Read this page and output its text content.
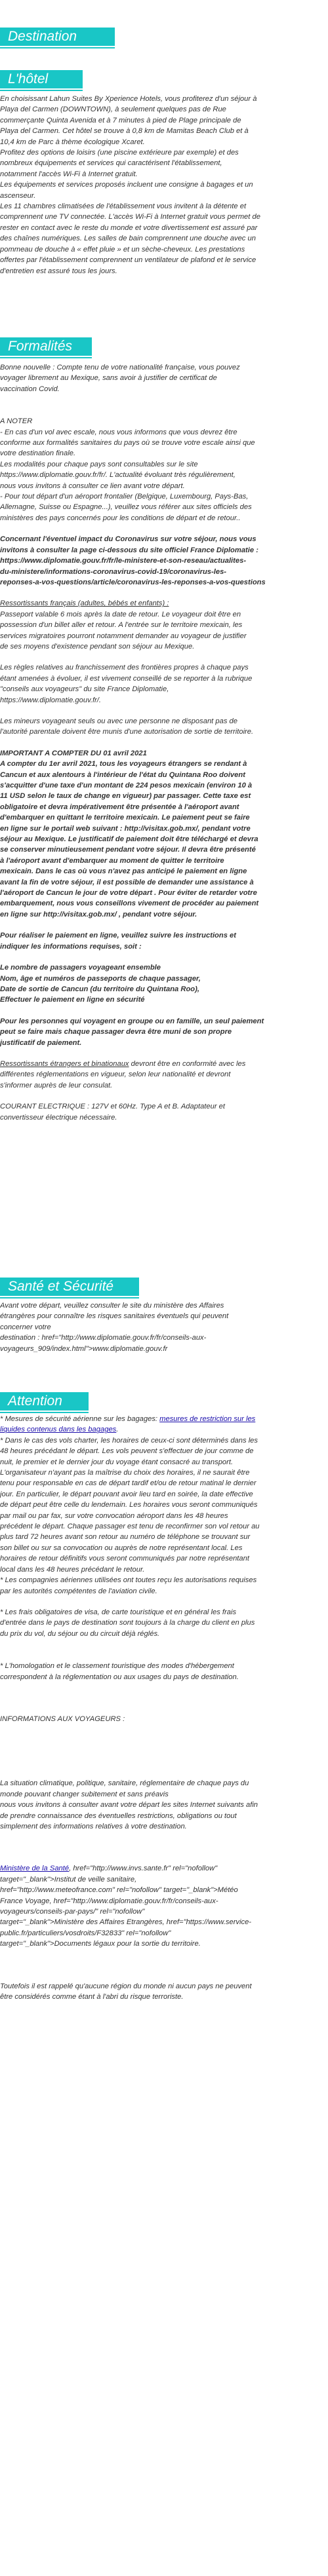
Destination
L'hôtel

En choisissant Lahun Suites By Xperience Hotels, vous profiterez d'un séjour à

Playa del Carmen (DOWNTOWN), à seulement quelques pas de Rue

commerçante Quinta Avenida et à 7 minutes à pied de Plage principale de

Playa del Carmen. Cet hôtel se trouve à 0,8 km de Mamitas Beach Club et à

10,4 km de Parc à thème écologique Xcaret.

Profitez des options de loisirs (une piscine extérieure par exemple) et des

nombreux équipements et services qui caractérisent l'établissement,

notamment l'accès Wi-Fi à Internet gratuit.

Les équipements et services proposés incluent une consigne à bagages et un

ascenseur.

Les 11 chambres climatisées de l'établissement vous invitent à la détente et

comprennent une TV connectée. L'accès Wi-Fi à Internet gratuit vous permet de

rester en contact avec le reste du monde et votre divertissement est assuré par

des chaînes numériques. Les salles de bain comprennent une douche avec un

pommeau de douche à « effet pluie » et un sèche-cheveux. Les prestations

offertes par l'établissement comprennent un ventilateur de plafond et le service

d'entretien est assuré tous les jours.

Formalités

Bonne nouvelle : Compte tenu de votre nationalité française, vous pouvez

voyager librement au Mexique, sans avoir à justifier de certificat de

vaccination Covid.

A NOTER

- En cas d'un vol avec escale, nous vous informons que vous devrez être

conforme aux formalités sanitaires du pays où se trouve votre escale ainsi que

votre destination finale.

Les modalités pour chaque pays sont consultables sur le site

https://www.diplomatie.gouv.fr/fr/. L'actualité évoluant très régulièrement,

nous vous invitons à consulter ce lien avant votre départ.

- Pour tout départ d'un aéroport frontalier (Belgique, Luxembourg, Pays-Bas,

Allemagne, Suisse ou Espagne...), veuillez vous référer aux sites officiels des

ministères des pays concernés pour les conditions de départ et de retour..

Concernant l'éventuel impact du Coronavirus sur votre séjour, nous vous

invitons à consulter la page ci-dessous du site officiel France Diplomatie :

https://www.diplomatie.gouv.fr/fr/le-ministere-et-son-reseau/actualites-

du-ministere/informations-coronavirus-covid-19/coronavirus-les-

reponses-a-vos-questions/article/coronavirus-les-reponses-a-vos-questions

Ressortissants français (adultes, bébés et enfants) :

Passeport valable 6 mois après la date de retour. Le voyageur doit être en

possession d'un billet aller et retour. A l'entrée sur le territoire mexicain, les

services migratoires pourront notamment demander au voyageur de justifier

de ses moyens d'existence pendant son séjour au Mexique.

Les règles relatives au franchissement des frontières propres à chaque pays

étant amenées à évoluer, il est vivement conseillé de se reporter à la rubrique

"conseils aux voyageurs" du site France Diplomatie,

https://www.diplomatie.gouv.fr/.

Les mineurs voyageant seuls ou avec une personne ne disposant pas de

l'autorité parentale doivent être munis d'une autorisation de sortie de territoire.

IMPORTANT A COMPTER DU 01 avril 2021

A compter du 1er avril 2021, tous les voyageurs étrangers se rendant à

Cancun et aux alentours à l'intérieur de l'état du Quintana Roo doivent

s'acquitter d'une taxe d'un montant de 224 pesos mexicain (environ 10 à

11 USD selon le taux de change en vigueur) par passager. Cette taxe est

obligatoire et devra impérativement être présentée à l'aéroport avant

d'embarquer en quittant le territoire mexicain. Le paiement peut se faire

en ligne sur le portail web suivant : http://visitax.gob.mx/, pendant votre

séjour au Mexique. Le justificatif de paiement doit être téléchargé et devra

se conserver minutieusement pendant votre séjour. Il devra être présenté

à l'aéroport avant d'embarquer au moment de quitter le territoire

mexicain. Dans le cas où vous n'avez pas anticipé le paiement en ligne

avant la fin de votre séjour, il est possible de demander une assistance à

l'aéroport de Cancun le jour de votre départ . Pour éviter de retarder votre

embarquement, nous vous conseillons vivement de procéder au paiement

en ligne sur http://visitax.gob.mx/ , pendant votre séjour.

Pour réaliser le paiement en ligne, veuillez suivre les instructions et

indiquer les informations requises, soit :

Le nombre de passagers voyageant ensemble

Nom, âge et numéros de passeports de chaque passager,

Date de sortie de Cancun (du territoire du Quintana Roo),

Effectuer le paiement en ligne en sécurité

Pour les personnes qui voyagent en groupe ou en famille, un seul paiement

peut se faire mais chaque passager devra être muni de son propre

justificatif de paiement.

Ressortissants étrangers et binationaux devront être en conformité avec les

différentes réglementations en vigueur, selon leur nationalité et devront

s'informer auprès de leur consulat.

COURANT ELECTRIQUE : 127V et 60Hz. Type A et B. Adaptateur et

convertisseur électrique nécessaire.

Santé et Sécurité

Avant votre départ, veuillez consulter le site du ministère des Affaires

étrangères pour connaître les risques sanitaires éventuels qui peuvent

concerner votre

destination : href="http://www.diplomatie.gouv.fr/fr/conseils-aux-

voyageurs_909/index.html">www.diplomatie.gouv.fr

Attention

* Mesures de sécurité aérienne sur les bagages: mesures de restriction sur les

liquides contenus dans les bagages.

* Dans le cas des vols charter, les horaires de ceux-ci sont déterminés dans les

48 heures précédant le départ. Les vols peuvent s'effectuer de jour comme de

nuit, le premier et le dernier jour du voyage étant consacré au transport.

L'organisateur n'ayant pas la maîtrise du choix des horaires, il ne saurait être

tenu pour responsable en cas de départ tardif et/ou de retour matinal le dernier

jour. En particulier, le départ pouvant avoir lieu tard en soirée, la date effective

de départ peut être celle du lendemain. Les horaires vous seront communiqués

par mail ou par fax, sur votre convocation aéroport dans les 48 heures

précédent le départ. Chaque passager est tenu de reconfirmer son vol retour au

plus tard 72 heures avant son retour au numéro de téléphone se trouvant sur

son billet ou sur sa convocation ou auprès de notre représentant local. Les

horaires de retour définitifs vous seront communiqués par notre représentant

local dans les 48 heures précédant le retour.

* Les compagnies aériennes utilisées ont toutes reçu les autorisations requises

par les autorités compétentes de l'aviation civile.

* Les frais obligatoires de visa, de carte touristique et en général les frais

d'entrée dans le pays de destination sont toujours à la charge du client en plus

du prix du vol, du séjour ou du circuit déjà réglés.

* L'homologation et le classement touristique des modes d'hébergement

correspondent à la réglementation ou aux usages du pays de destination.

INFORMATIONS AUX VOYAGEURS :

La situation climatique, politique, sanitaire, réglementaire de chaque pays du

monde pouvant changer subitement et sans préavis

nous vous invitons à consulter avant votre départ les sites Internet suivants afin

de prendre connaissance des éventuelles restrictions, obligations ou tout

simplement des informations relatives à votre destination.

Ministère de la Santé, href="http://www.invs.sante.fr" rel="nofollow"

target="_blank">Institut de veille sanitaire,

href="http://www.meteofrance.com" rel="nofollow" target="_blank">Météo

France Voyage, href="http://www.diplomatie.gouv.fr/fr/conseils-aux-

voyageurs/conseils-par-pays/" rel="nofollow"

target="_blank">Ministère des Affaires Etrangères, href="https://www.service-

public.fr/particuliers/vosdroits/F32833" rel="nofollow"

target="_blank">Documents légaux pour la sortie du territoire.

Toutefois il est rappelé qu'aucune région du monde ni aucun pays ne peuvent

être considérés comme étant à l'abri du risque terroriste.
